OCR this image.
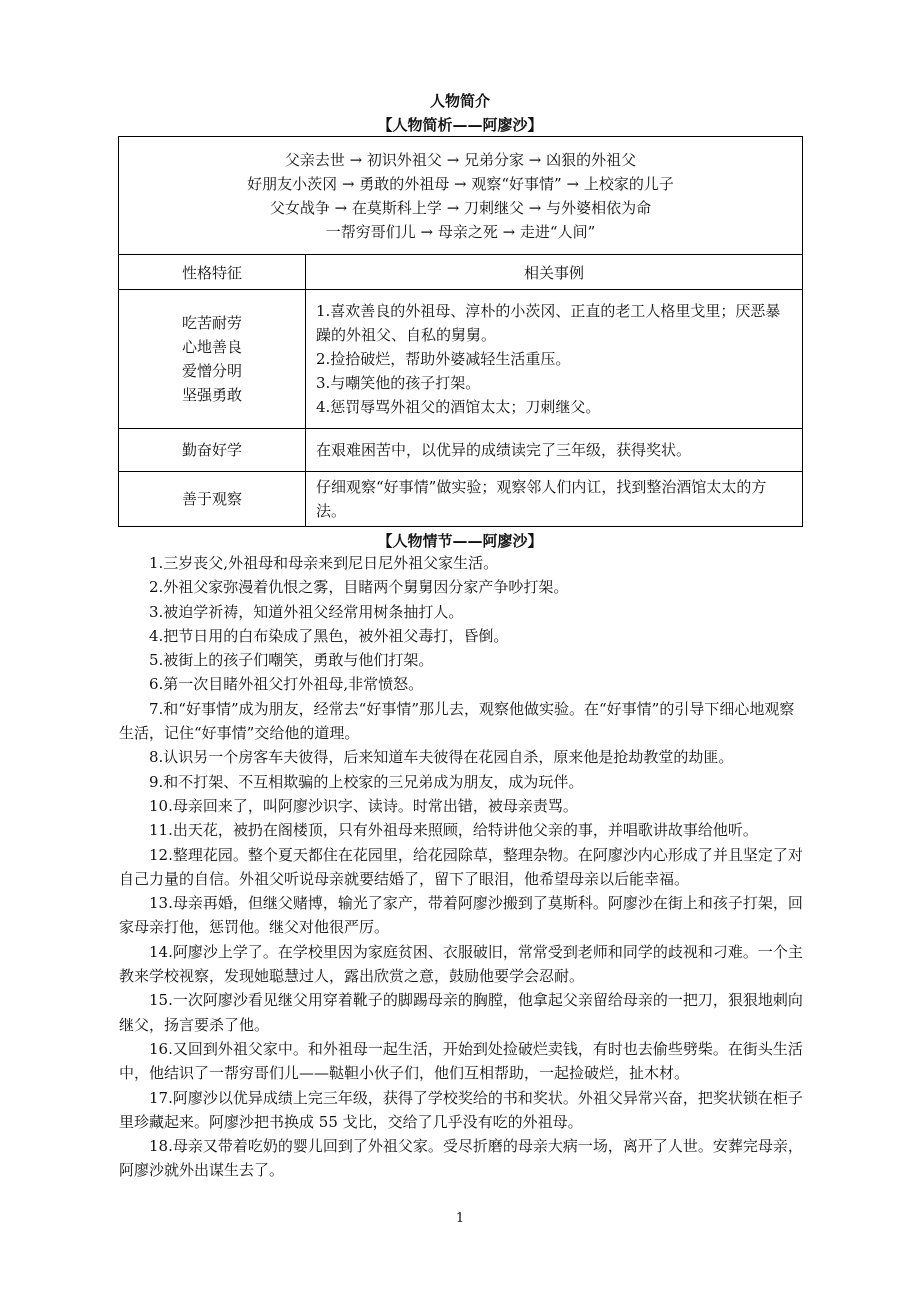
人物简介
【人物简析——阿廖沙】
父亲去世 → 初识外祖父 → 兄弟分家 → 凶狠的外祖父
好朋友小茨冈 → 勇敢的外祖母 → 观察“好事情” → 上校家的儿子
父女战争 → 在莫斯科上学 → 刀刺继父 → 与外婆相依为命
一帮穷哥们儿 → 母亲之死 → 走进“人间”	

性格特征	相关事例

吃苦耐劳
心地善良
爱憎分明
坚强勇敢	1.喜欢善良的外祖母、淳朴的小茨冈、正直的老工人格里戈里；厌恶暴躁的外祖父、自私的舅舅。
2.捡拾破烂，帮助外婆减轻生活重压。
3.与嘲笑他的孩子打架。
4.惩罚辱骂外祖父的酒馆太太；刀刺继父。

勤奋好学	在艰难困苦中，以优异的成绩读完了三年级，获得奖状。

善于观察	仔细观察“好事情”做实验；观察邻人们内讧，找到整治酒馆太太的方法。
【人物情节——阿廖沙】

1.三岁丧父,外祖母和母亲来到尼日尼外祖父家生活。

2.外祖父家弥漫着仇恨之雾，目睹两个舅舅因分家产争吵打架。

3.被迫学祈祷，知道外祖父经常用树条抽打人。

4.把节日用的白布染成了黑色，被外祖父毒打，昏倒。

5.被街上的孩子们嘲笑，勇敢与他们打架。

6.第一次目睹外祖父打外祖母,非常愤怒。

7.和“好事情”成为朋友，经常去“好事情”那儿去，观察他做实验。在“好事情”的引导下细心地观察生活，记住“好事情”交给他的道理。

8.认识另一个房客车夫彼得，后来知道车夫彼得在花园自杀，原来他是抢劫教堂的劫匪。

9.和不打架、不互相欺骗的上校家的三兄弟成为朋友，成为玩伴。

10.母亲回来了，叫阿廖沙识字、读诗。时常出错，被母亲责骂。

11.出天花，被扔在阁楼顶，只有外祖母来照顾，给特讲他父亲的事，并唱歌讲故事给他听。

12.整理花园。整个夏天都住在花园里，给花园除草，整理杂物。在阿廖沙内心形成了并且坚定了对自己力量的自信。外祖父听说母亲就要结婚了，留下了眼泪，他希望母亲以后能幸福。

13.母亲再婚，但继父赌博，输光了家产，带着阿廖沙搬到了莫斯科。阿廖沙在街上和孩子打架，回家母亲打他，惩罚他。继父对他很严厉。

14.阿廖沙上学了。在学校里因为家庭贫困、衣服破旧，常常受到老师和同学的歧视和刁难。一个主教来学校视察，发现她聪慧过人，露出欣赏之意，鼓励他要学会忍耐。

15.一次阿廖沙看见继父用穿着靴子的脚踢母亲的胸膛，他拿起父亲留给母亲的一把刀，狠狠地刺向继父，扬言要杀了他。

16.又回到外祖父家中。和外祖母一起生活，开始到处捡破烂卖钱，有时也去偷些劈柴。在街头生活中，他结识了一帮穷哥们儿——鞑靼小伙子们，他们互相帮助，一起捡破烂，扯木材。

17.阿廖沙以优异成绩上完三年级，获得了学校奖给的书和奖状。外祖父异常兴奋，把奖状锁在柜子里珍藏起来。阿廖沙把书换成 55 戈比，交给了几乎没有吃的外祖母。

18.母亲又带着吃奶的婴儿回到了外祖父家。受尽折磨的母亲大病一场，离开了人世。安葬完母亲，阿廖沙就外出谋生去了。

1
